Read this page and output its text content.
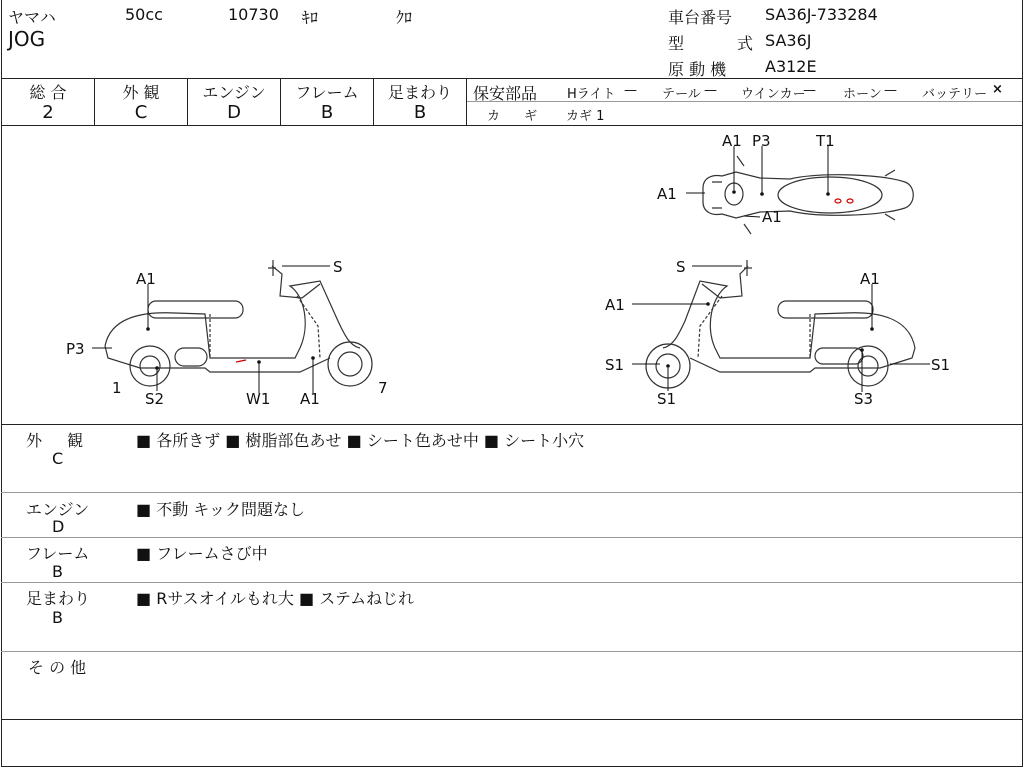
ヤマハ	50cc	10730 ｷﾛ	ｸﾛ
JOG
車台番号 SA36J-733284
型	式 SA36J
原 動 機 A312E
総 合
2
外 観
C
エンジン
D
フレーム
B
足まわり
B
保安部品 Hライト — テール — ウインカー
— ホーン — バッテリー ×
カ ギ カギ 1
A1 P3	T1
A1
A1
A1
S
P3
1
S2	W1 A1
7
S
A1
A1
S1
S1
S1
S3
外 観
C
■ 各所きず ■ 樹脂部色あせ ■ シート色あせ中 ■ シート小穴
エンジン
D
■ 不動 キック問題なし
フレーム
B
■ フレームさび中
足まわり
B
■ Rサスオイルもれ大 ■ ステムねじれ
そ の 他
